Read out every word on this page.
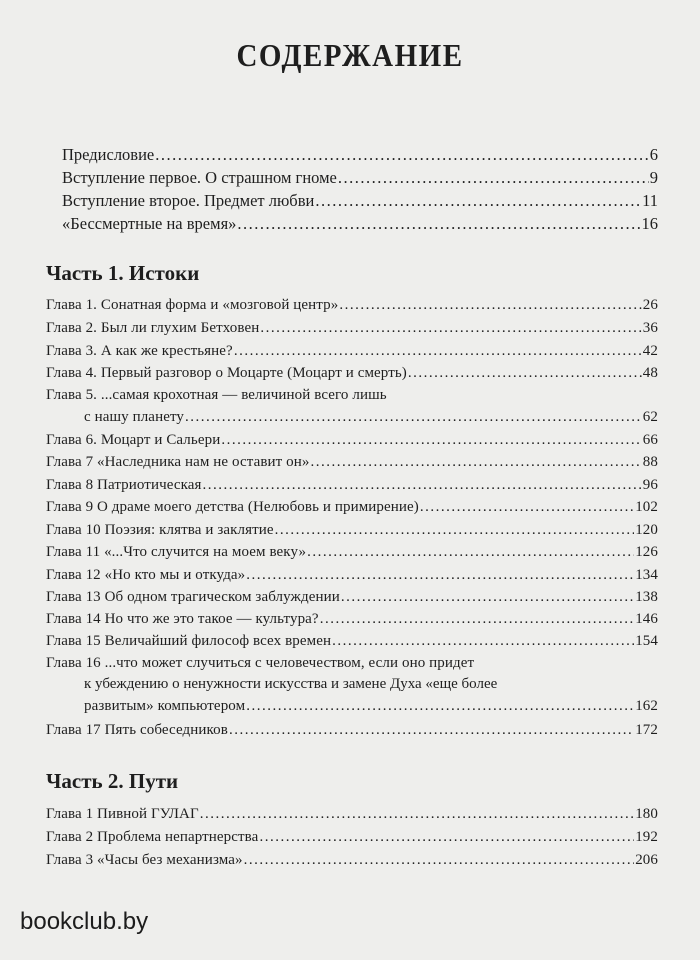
СОДЕРЖАНИЕ
Предисловие .....	6
Вступление первое. О страшном гноме .....	9
Вступление второе. Предмет любви .....	11
«Бессмертные на время» .....	16
Часть 1. Истоки
Глава 1. Сонатная форма и «мозговой центр» .....	26
Глава 2. Был ли глухим Бетховен .....	36
Глава 3. А как же крестьяне? .....	42
Глава 4. Первый разговор о Моцарте (Моцарт и смерть) .....	48
Глава 5. ...самая крохотная — величиной всего лишь
с нашу планету .....	62
Глава 6. Моцарт и Сальери .....	66
Глава 7 «Наследника нам не оставит он» .....	88
Глава 8 Патриотическая .....	96
Глава 9 О драме моего детства (Нелюбовь и примирение) .....	102
Глава 10 Поэзия: клятва и заклятие .....	120
Глава 11 «...Что случится на моем веку» .....	126
Глава 12 «Но кто мы и откуда» .....	134
Глава 13 Об одном трагическом заблуждении .....	138
Глава 14 Но что же это такое — культура? .....	146
Глава 15 Величайший философ всех времен .....	154
Глава 16 ...что может случиться с человечеством, если оно придет
к убеждению о ненужности искусства и замене Духа «еще более
развитым» компьютером .....	162
Глава 17 Пять собеседников .....	172
Часть 2. Пути
Глава 1 Пивной ГУЛАГ .....	180
Глава 2 Проблема непартнерства .....	192
Глава 3 «Часы без механизма» .....	206
bookclub.by
